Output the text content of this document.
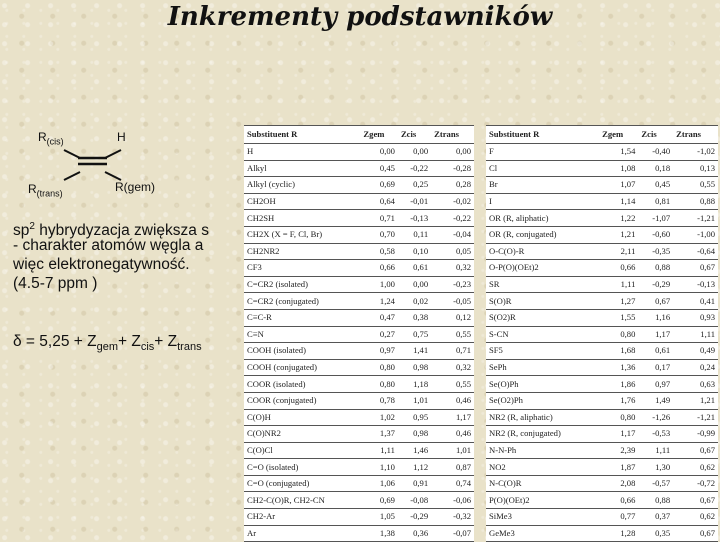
Inkrementy podstawników
$R_{(cis)}$	H
$R_{(trans)}$	R(gem)
$sp^2$ hybrydyzacja zwiększa s
- charakter atomów węgla a
więc elektronegatywność.
(4.5-7 ppm )
$\delta = 5,25 + Z_{gem}+ Z_{cis}+ Z_{trans}$
Substituent R	Zgem	Zcis	Ztrans
H	0,00	0,00	0,00
Alkyl	0,45	-0,22	-0,28
Alkyl (cyclic)	0,69	0,25	0,28
CH2OH	0,64	-0,01	-0,02
CH2SH	0,71	-0,13	-0,22
CH2X (X = F, Cl, Br)	0,70	0,11	-0,04
CH2NR2	0,58	0,10	0,05
CF3	0,66	0,61	0,32
C=CR2 (isolated)	1,00	0,00	-0,23
C=CR2 (conjugated)	1,24	0,02	-0,05
C≡C-R	0,47	0,38	0,12
C≡N	0,27	0,75	0,55
COOH (isolated)	0,97	1,41	0,71
COOH (conjugated)	0,80	0,98	0,32
COOR (isolated)	0,80	1,18	0,55
COOR (conjugated)	0,78	1,01	0,46
C(O)H	1,02	0,95	1,17
C(O)NR2	1,37	0,98	0,46
C(O)Cl	1,11	1,46	1,01
C=O (isolated)	1,10	1,12	0,87
C=O (conjugated)	1,06	0,91	0,74
CH2-C(O)R, CH2-CN	0,69	-0,08	-0,06
CH2-Ar	1,05	-0,29	-0,32
Ar	1,38	0,36	-0,07
Substituent R	Zgem	Zcis	Ztrans
F	1,54	-0,40	-1,02
Cl	1,08	0,18	0,13
Br	1,07	0,45	0,55
I	1,14	0,81	0,88
OR (R, aliphatic)	1,22	-1,07	-1,21
OR (R, conjugated)	1,21	-0,60	-1,00
O-C(O)-R	2,11	-0,35	-0,64
O-P(O)(OEt)2	0,66	0,88	0,67
SR	1,11	-0,29	-0,13
S(O)R	1,27	0,67	0,41
S(O2)R	1,55	1,16	0,93
S-CN	0,80	1,17	1,11
SF5	1,68	0,61	0,49
SePh	1,36	0,17	0,24
Se(O)Ph	1,86	0,97	0,63
Se(O2)Ph	1,76	1,49	1,21
NR2 (R, aliphatic)	0,80	-1,26	-1,21
NR2 (R, conjugated)	1,17	-0,53	-0,99
N-N-Ph	2,39	1,11	0,67
NO2	1,87	1,30	0,62
N-C(O)R	2,08	-0,57	-0,72
P(O)(OEt)2	0,66	0,88	0,67
SiMe3	0,77	0,37	0,62
GeMe3	1,28	0,35	0,67
